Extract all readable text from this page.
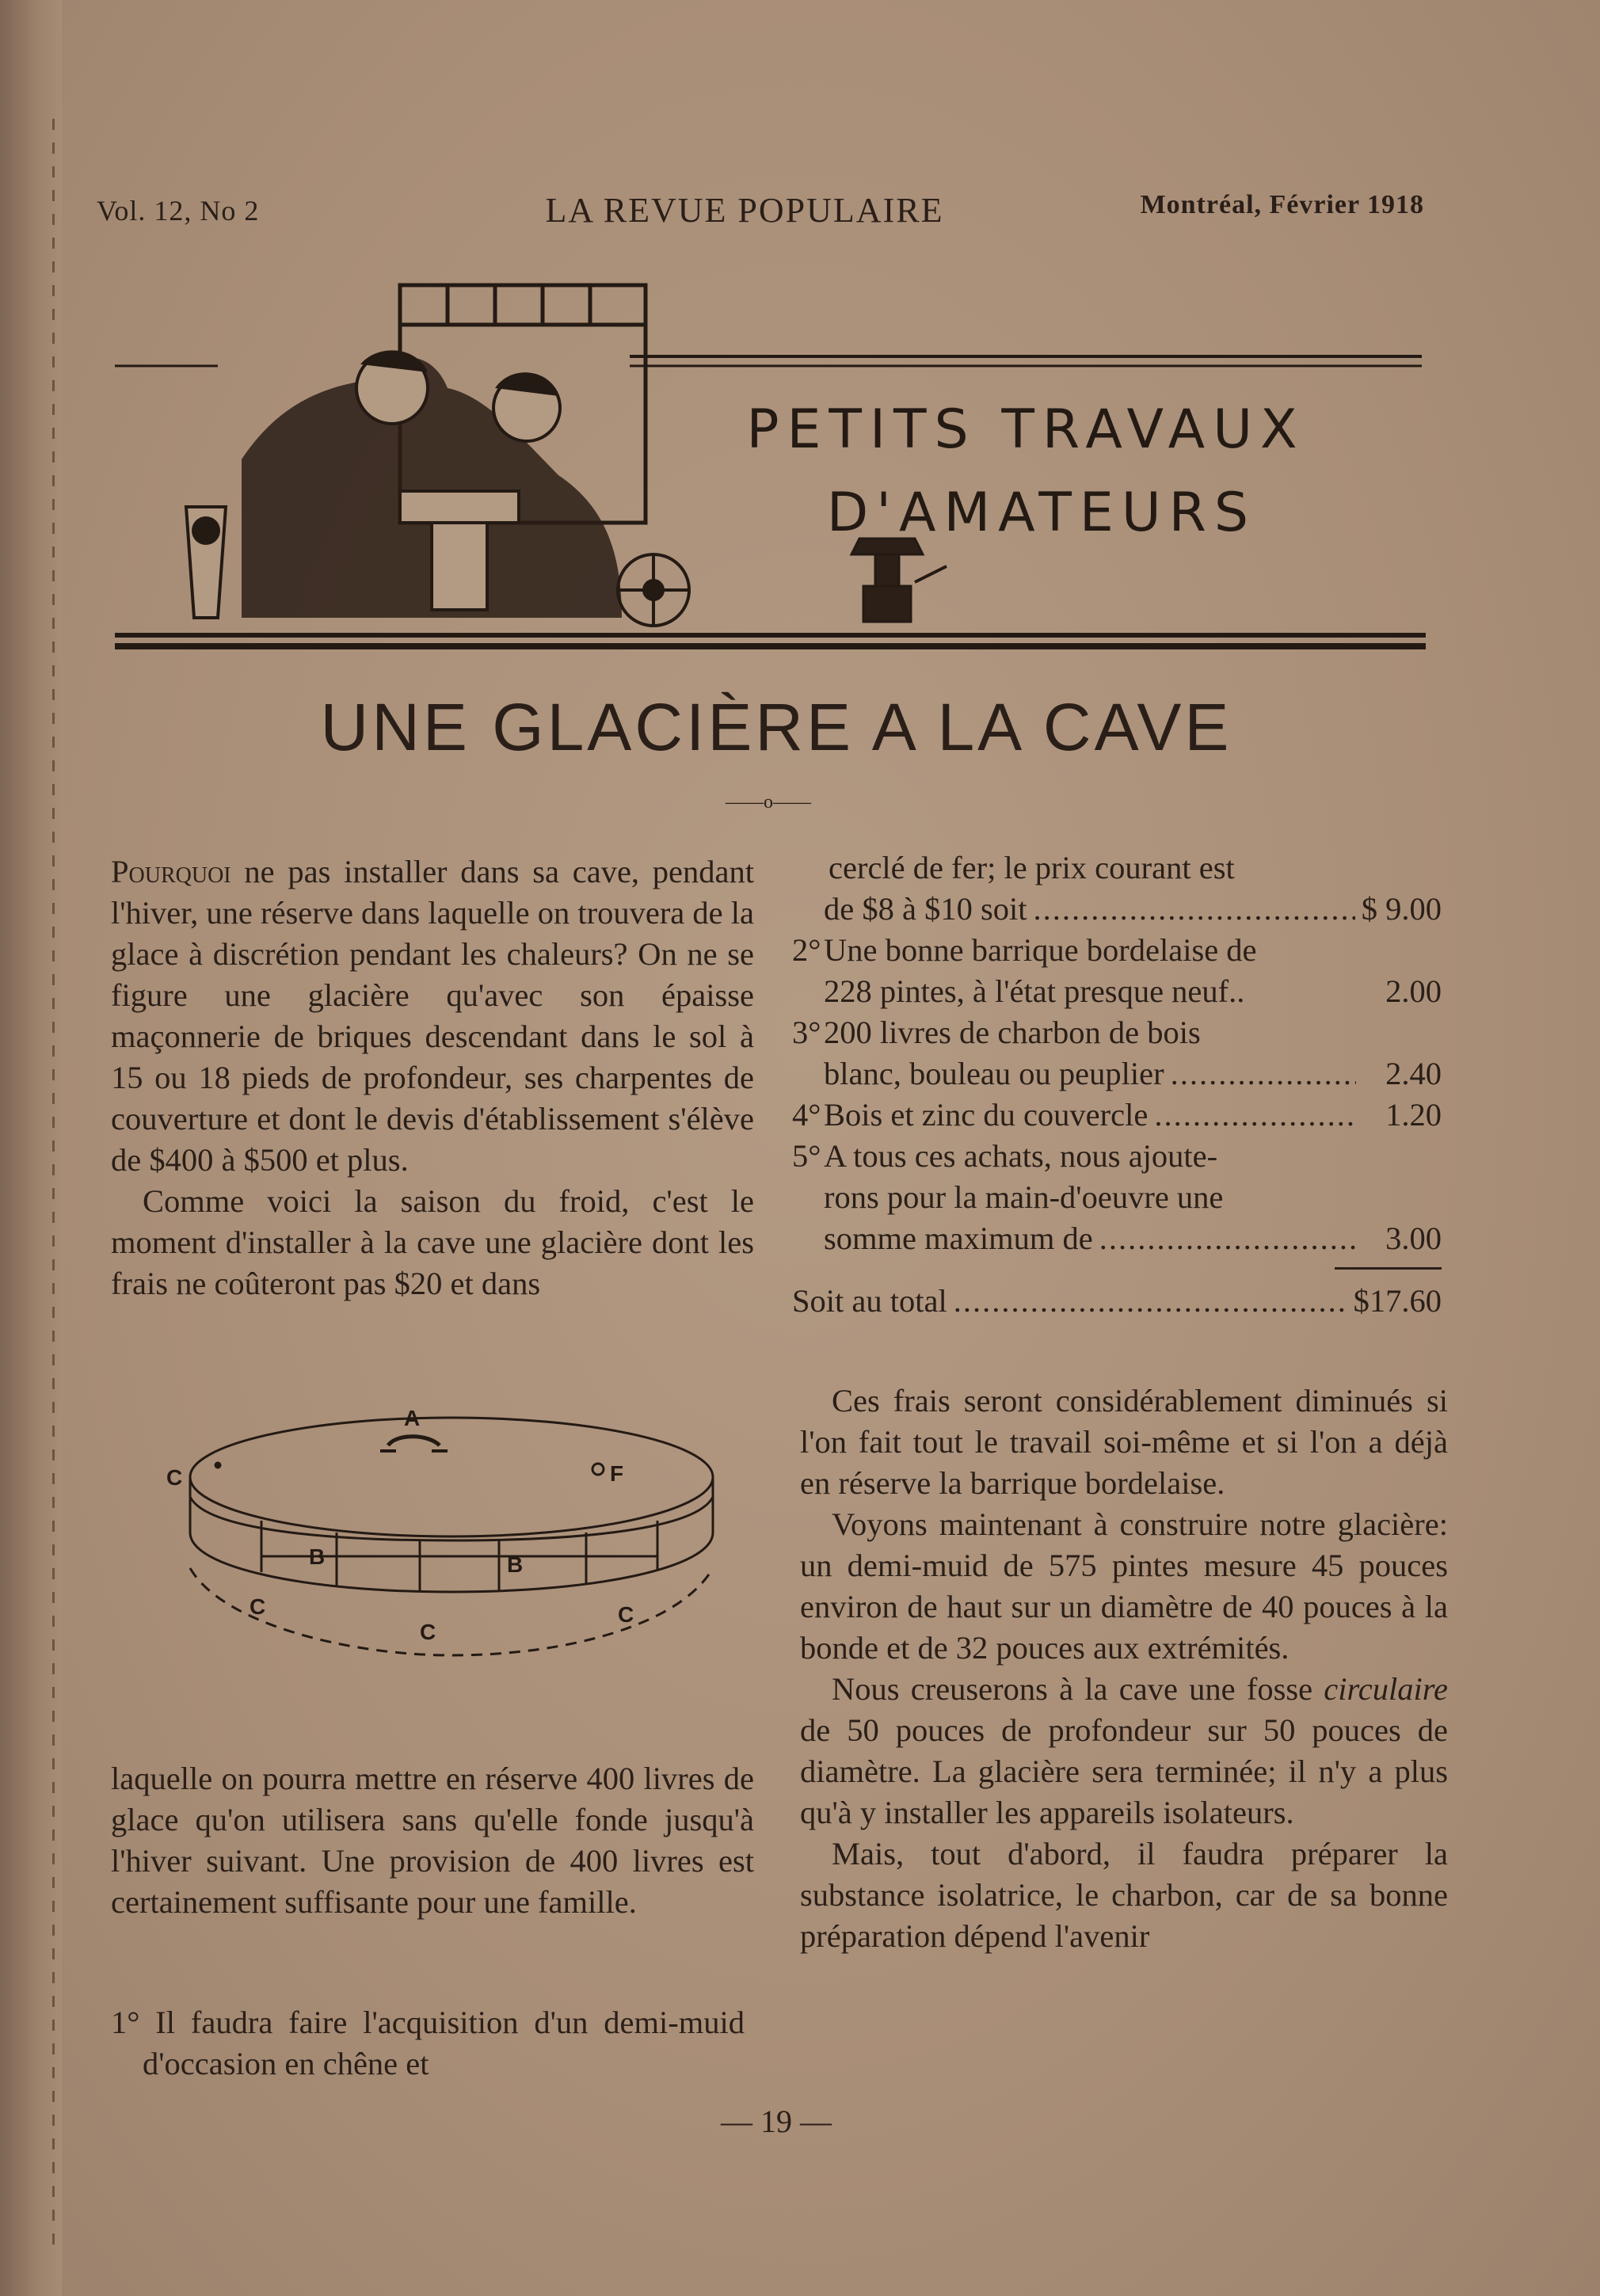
Vol. 12, No 2	LA REVUE POPULAIRE	Montréal, Février 1918
PETITS TRAVAUX
D'AMATEURS
UNE GLACIÈRE A LA CAVE
——o——

Pourquoi ne pas installer dans sa cave, pendant l'hiver, une réserve dans laquelle on trouvera de la glace à discrétion pendant les chaleurs? On ne se figure une glacière qu'avec son épaisse maçonnerie de briques descendant dans le sol à 15 ou 18 pieds de profondeur, ses charpentes de couverture et dont le devis d'établissement s'élève de $400 à $500 et plus.

Comme voici la saison du froid, c'est le moment d'installer à la cave une glacière dont les frais ne coûteront pas $20 et dans

A
F
C
B	B
C
C
C

laquelle on pourra mettre en réserve 400 livres de glace qu'on utilisera sans qu'elle fonde jusqu'à l'hiver suivant. Une provision de 400 livres est certainement suffisante pour une famille.

1° Il faudra faire l'acquisition d'un demi-muid d'occasion en chêne et

cerclé de fer; le prix courant est
de $8 à $10 soit .....	$ 9.00
2° Une bonne barrique bordelaise de
228 pintes, à l'état presque neuf..	2.00
3° 200 livres de charbon de bois
blanc, bouleau ou peuplier .....	2.40
4° Bois et zinc du couvercle .....	1.20
5° A tous ces achats, nous ajoute-
rons pour la main-d'oeuvre une
somme maximum de .....	3.00
Soit au total .....	$17.60

Ces frais seront considérablement diminués si l'on fait tout le travail soi-même et si l'on a déjà en réserve la barrique bordelaise.

Voyons maintenant à construire notre glacière: un demi-muid de 575 pintes mesure 45 pouces environ de haut sur un diamètre de 40 pouces à la bonde et de 32 pouces aux extrémités.

Nous creuserons à la cave une fosse circulaire de 50 pouces de profondeur sur 50 pouces de diamètre. La glacière sera terminée; il n'y a plus qu'à y installer les appareils isolateurs.

Mais, tout d'abord, il faudra préparer la substance isolatrice, le charbon, car de sa bonne préparation dépend l'avenir

— 19 —
